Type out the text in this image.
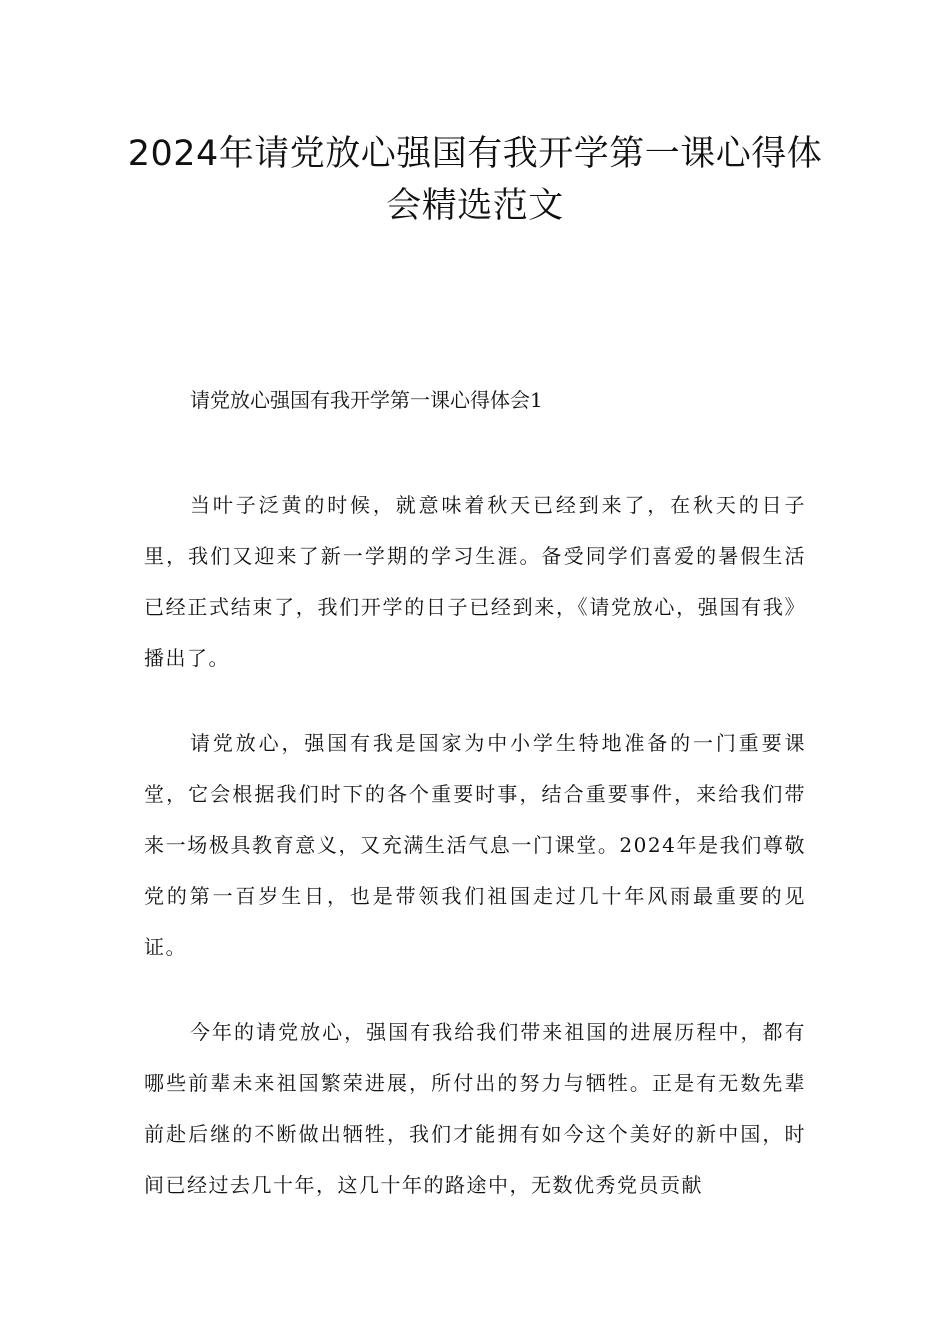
2024年请党放心强国有我开学第一课心得体会精选范文

请党放心强国有我开学第一课心得体会1

当叶子泛黄的时候，就意味着秋天已经到来了，在秋天的日子里，我们又迎来了新一学期的学习生涯。备受同学们喜爱的暑假生活已经正式结束了，我们开学的日子已经到来，《请党放心，强国有我》播出了。

请党放心，强国有我是国家为中小学生特地准备的一门重要课堂，它会根据我们时下的各个重要时事，结合重要事件，来给我们带来一场极具教育意义，又充满生活气息一门课堂。2024年是我们尊敬党的第一百岁生日，也是带领我们祖国走过几十年风雨最重要的见证。

今年的请党放心，强国有我给我们带来祖国的进展历程中，都有哪些前辈未来祖国繁荣进展，所付出的努力与牺牲。正是有无数先辈前赴后继的不断做出牺牲，我们才能拥有如今这个美好的新中国，时间已经过去几十年，这几十年的路途中，无数优秀党员贡献
